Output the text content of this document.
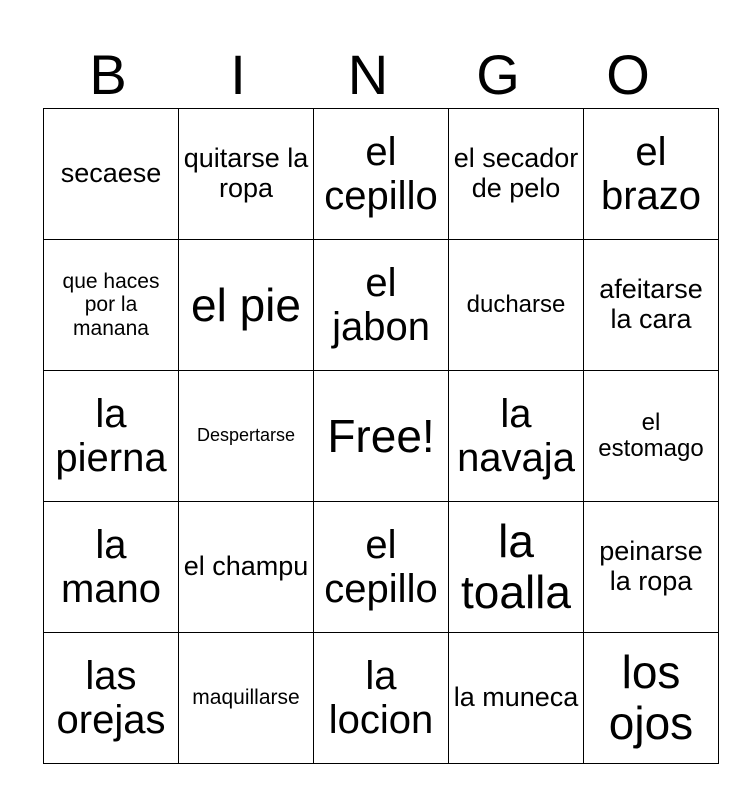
B	I	N	G	O
secaese	quitarse la ropa	el cepillo	el secador de pelo	el brazo
que haces por la manana	el pie	el jabon	ducharse	afeitarse la cara
la pierna	Despertarse	Free!	la navaja	el estomago
la mano	el champu	el cepillo	la toalla	peinarse la ropa
las orejas	maquillarse	la locion	la muneca	los ojos
